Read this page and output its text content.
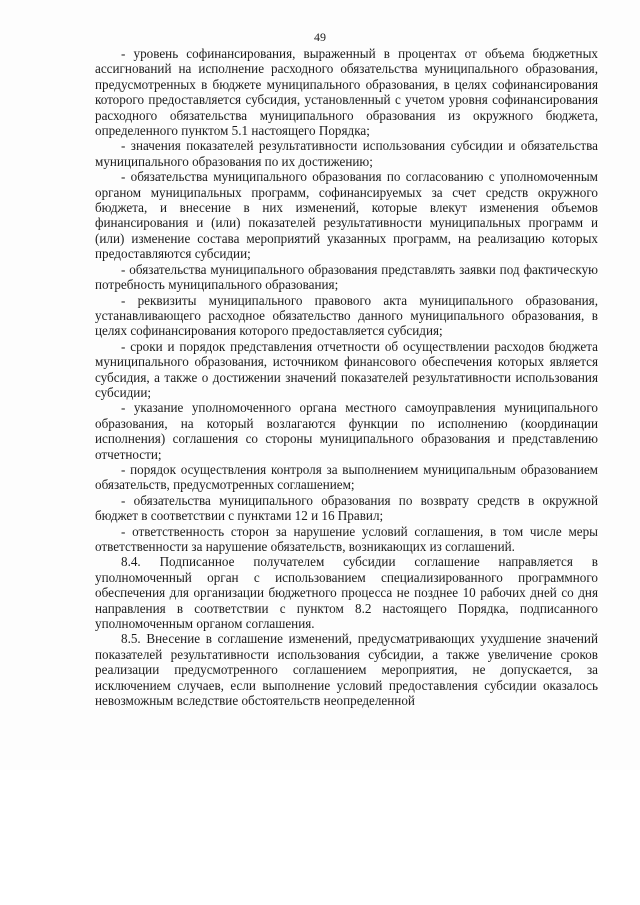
49

- уровень софинансирования, выраженный в процентах от объема бюджетных ассигнований на исполнение расходного обязательства муниципального образования, предусмотренных в бюджете муниципального образования, в целях софинансирования которого предоставляется субсидия, установленный с учетом уровня софинансирования расходного обязательства муниципального образования из окружного бюджета, определенного пунктом 5.1 настоящего Порядка;

- значения показателей результативности использования субсидии и обязательства муниципального образования по их достижению;

- обязательства муниципального образования по согласованию с уполномоченным органом муниципальных программ, софинансируемых за счет средств окружного бюджета, и внесение в них изменений, которые влекут изменения объемов финансирования и (или) показателей результативности муниципальных программ и (или) изменение состава мероприятий указанных программ, на реализацию которых предоставляются субсидии;

- обязательства муниципального образования представлять заявки под фактическую потребность муниципального образования;

- реквизиты муниципального правового акта муниципального образования, устанавливающего расходное обязательство данного муниципального образования, в целях софинансирования которого предоставляется субсидия;

- сроки и порядок представления отчетности об осуществлении расходов бюджета муниципального образования, источником финансового обеспечения которых является субсидия, а также о достижении значений показателей результативности использования субсидии;

- указание уполномоченного органа местного самоуправления муниципального образования, на который возлагаются функции по исполнению (координации исполнения) соглашения со стороны муниципального образования и представлению отчетности;

- порядок осуществления контроля за выполнением муниципальным образованием обязательств, предусмотренных соглашением;

- обязательства муниципального образования по возврату средств в окружной бюджет в соответствии с пунктами 12 и 16 Правил;

- ответственность сторон за нарушение условий соглашения, в том числе меры ответственности за нарушение обязательств, возникающих из соглашений.

8.4. Подписанное получателем субсидии соглашение направляется в уполномоченный орган с использованием специализированного программного обеспечения для организации бюджетного процесса не позднее 10 рабочих дней со дня направления в соответствии с пунктом 8.2 настоящего Порядка, подписанного уполномоченным органом соглашения.

8.5. Внесение в соглашение изменений, предусматривающих ухудшение значений показателей результативности использования субсидии, а также увеличение сроков реализации предусмотренного соглашением мероприятия, не допускается, за исключением случаев, если выполнение условий предоставления субсидии оказалось невозможным вследствие обстоятельств неопределенной
